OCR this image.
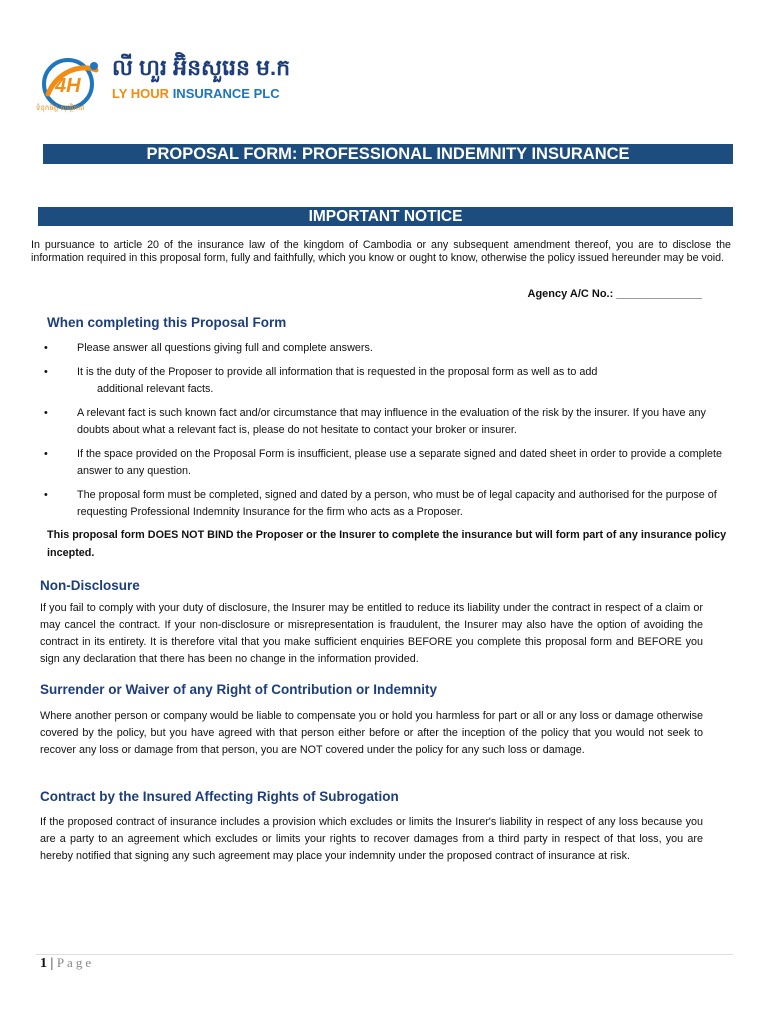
4H
លី ហួរ អ៊ិនសួរេន ម.ក
LY HOUR INSURANCE PLC
ទំនុកចិត្ត សុវត្ថិភាព
PROPOSAL FORM: PROFESSIONAL INDEMNITY INSURANCE
IMPORTANT NOTICE
In pursuance to article 20 of the insurance law of the kingdom of Cambodia or any subsequent amendment thereof, you are to disclose the information required in this proposal form, fully and faithfully, which you know or ought to know, otherwise the policy issued hereunder may be void.
Agency A/C No.: ______________
When completing this Proposal Form
•	Please answer all questions giving full and complete answers.
•	It is the duty of the Proposer to provide all information that is requested in the proposal form as well as to add
additional relevant facts.
•	A relevant fact is such known fact and/or circumstance that may influence in the evaluation of the risk by the insurer. If you have any doubts about what a relevant fact is, please do not hesitate to contact your broker or insurer.
•	If the space provided on the Proposal Form is insufficient, please use a separate signed and dated sheet in order to provide a complete answer to any question.
•	The proposal form must be completed, signed and dated by a person, who must be of legal capacity and authorised for the purpose of requesting Professional Indemnity Insurance for the firm who acts as a Proposer.
This proposal form DOES NOT BIND the Proposer or the Insurer to complete the insurance but will form part of any insurance policy incepted.
Non-Disclosure
If you fail to comply with your duty of disclosure, the Insurer may be entitled to reduce its liability under the contract in respect of a claim or may cancel the contract. If your non-disclosure or misrepresentation is fraudulent, the Insurer may also have the option of avoiding the contract in its entirety. It is therefore vital that you make sufficient enquiries BEFORE you complete this proposal form and BEFORE you sign any declaration that there has been no change in the information provided.
Surrender or Waiver of any Right of Contribution or Indemnity
Where another person or company would be liable to compensate you or hold you harmless for part or all or any loss or damage otherwise covered by the policy, but you have agreed with that person either before or after the inception of the policy that you would not seek to recover any loss or damage from that person, you are NOT covered under the policy for any such loss or damage.
Contract by the Insured Affecting Rights of Subrogation
If the proposed contract of insurance includes a provision which excludes or limits the Insurer's liability in respect of any loss because you are a party to an agreement which excludes or limits your rights to recover damages from a third party in respect of that loss, you are hereby notified that signing any such agreement may place your indemnity under the proposed contract of insurance at risk.
1 | Page
